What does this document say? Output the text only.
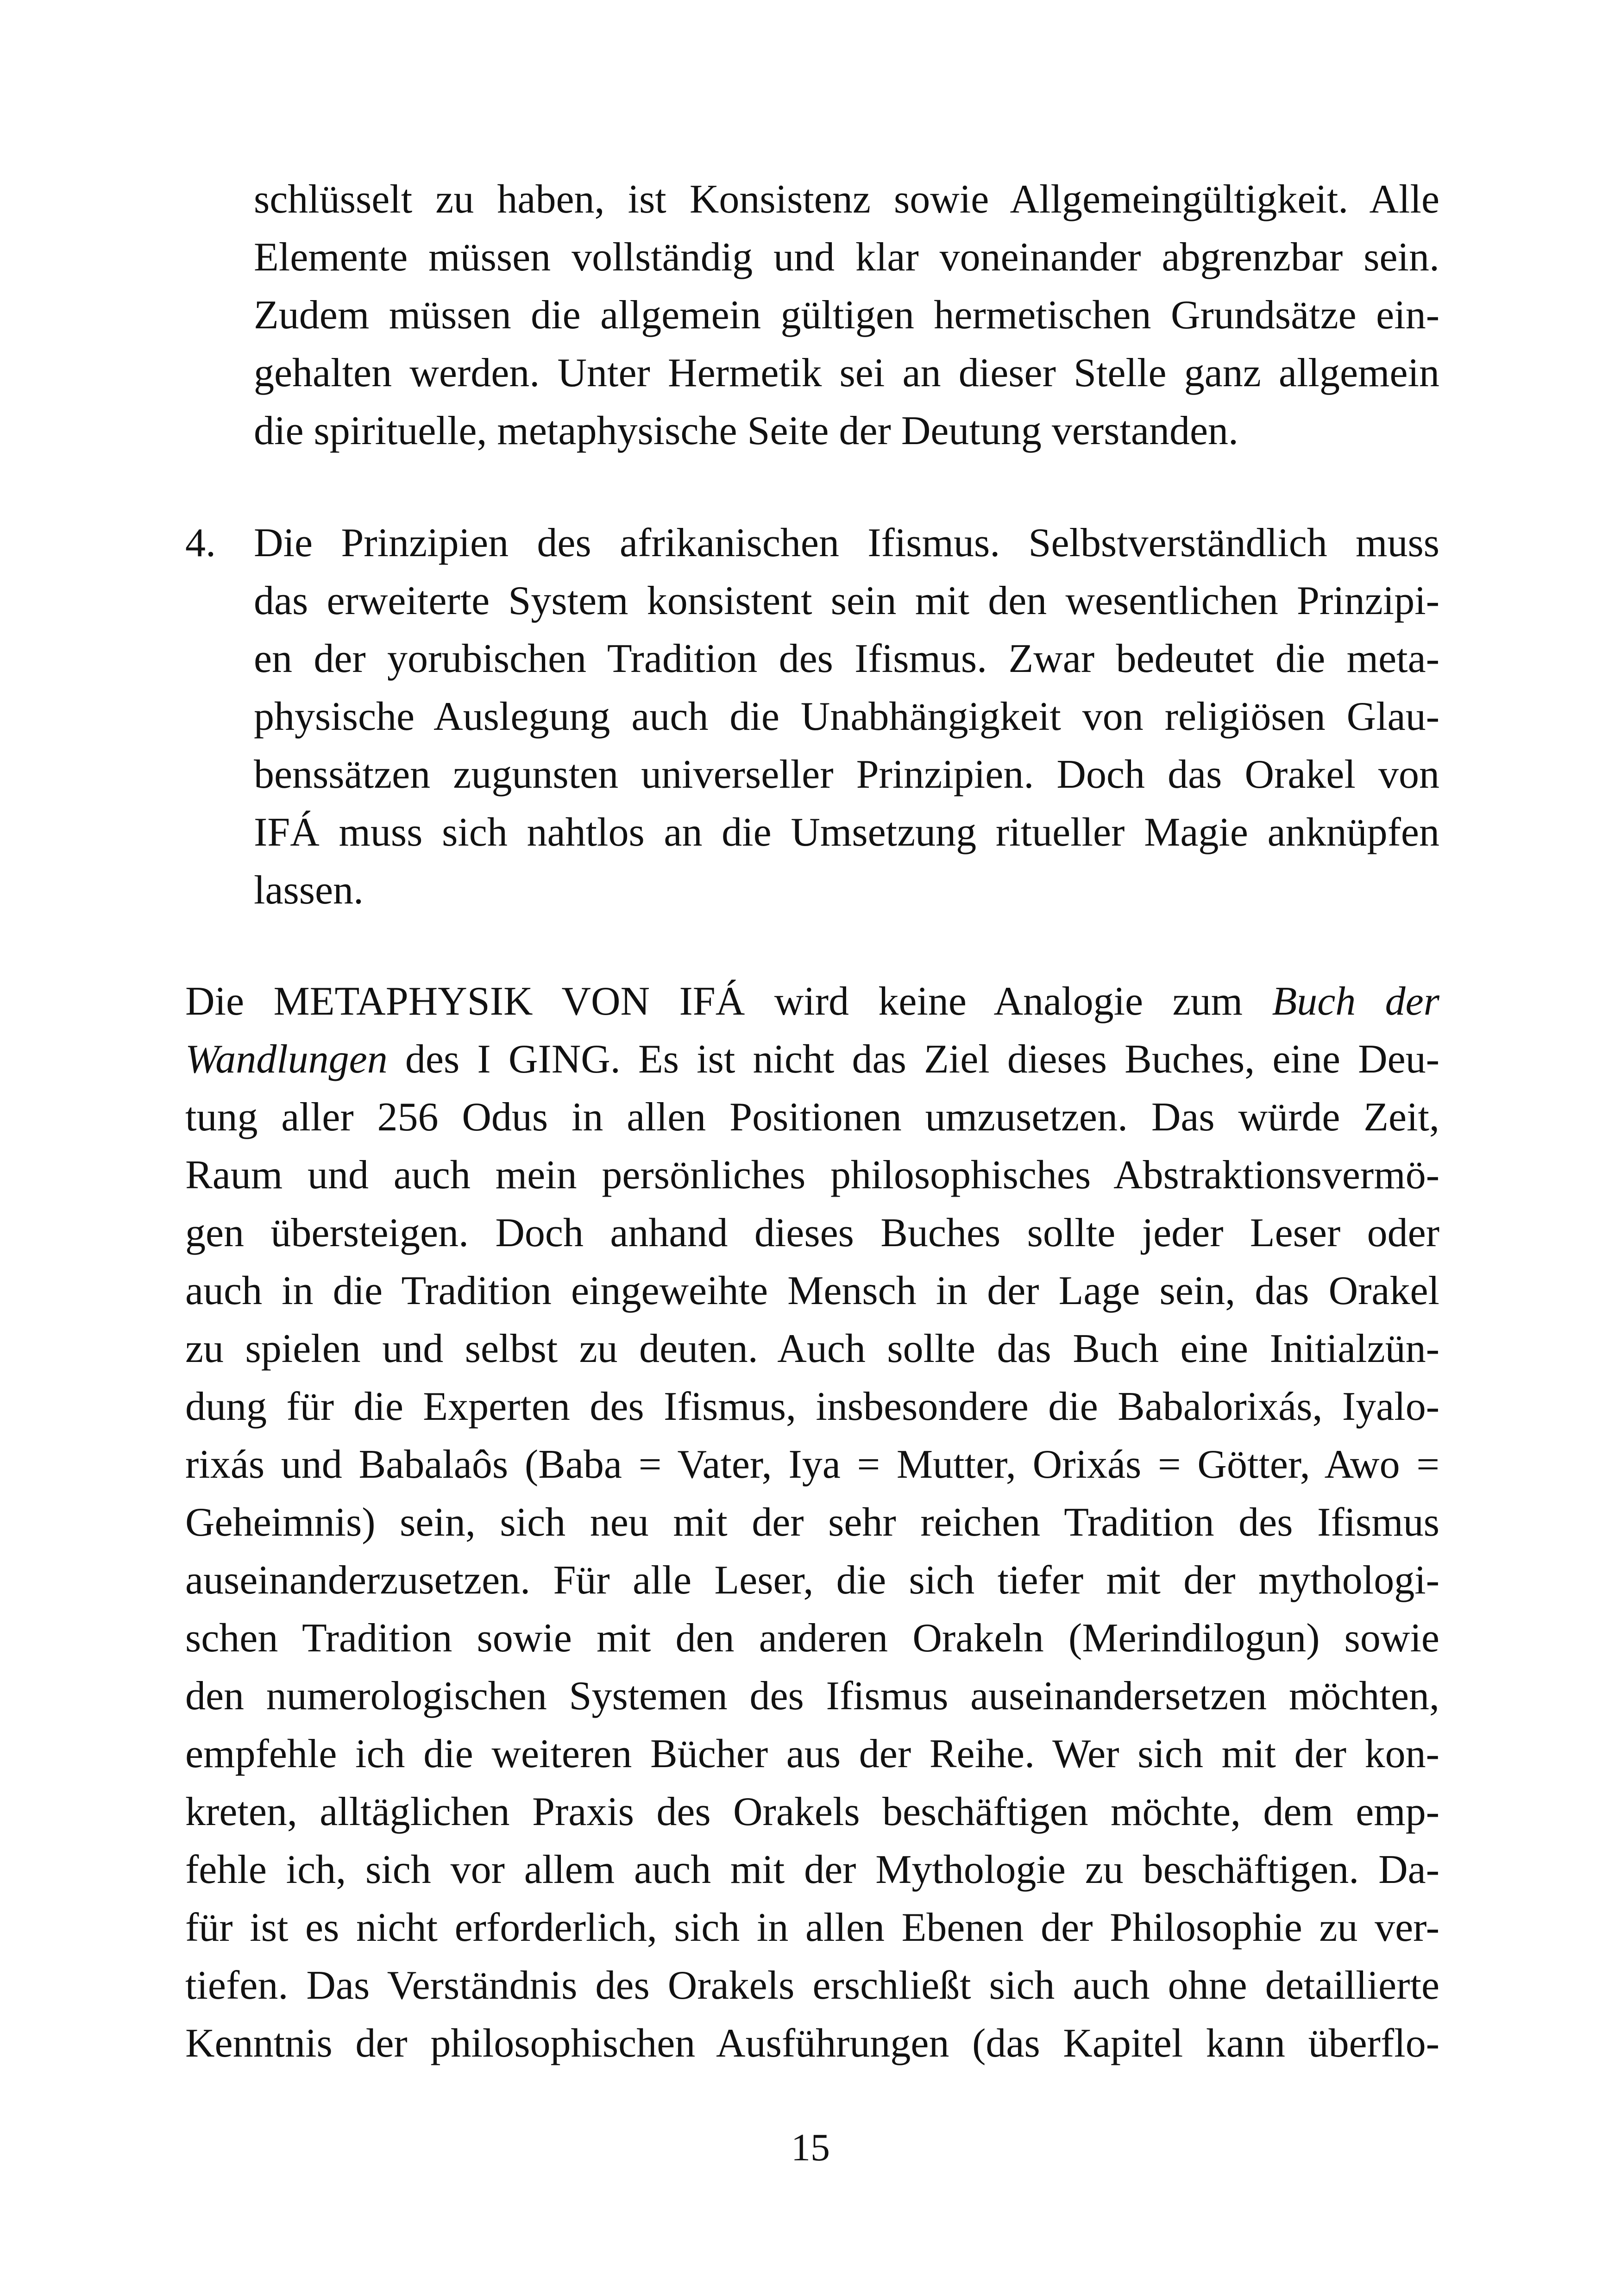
schlüsselt zu haben, ist Konsistenz sowie Allgemeingültigkeit. Alle
Elemente müssen vollständig und klar voneinander abgrenzbar sein.
Zudem müssen die allgemein gültigen hermetischen Grundsätze ein-
gehalten werden. Unter Hermetik sei an dieser Stelle ganz allgemein
die spirituelle, metaphysische Seite der Deutung verstanden.
4. Die Prinzipien des afrikanischen Ifismus. Selbstverständlich muss
das erweiterte System konsistent sein mit den wesentlichen Prinzipi-
en der yorubischen Tradition des Ifismus. Zwar bedeutet die meta-
physische Auslegung auch die Unabhängigkeit von religiösen Glau-
benssätzen zugunsten universeller Prinzipien. Doch das Orakel von
IFÁ muss sich nahtlos an die Umsetzung ritueller Magie anknüpfen
lassen.
Die METAPHYSIK VON IFÁ wird keine Analogie zum Buch der
Wandlungen des I GING. Es ist nicht das Ziel dieses Buches, eine Deu-
tung aller 256 Odus in allen Positionen umzusetzen. Das würde Zeit,
Raum und auch mein persönliches philosophisches Abstraktionsvermö-
gen übersteigen. Doch anhand dieses Buches sollte jeder Leser oder
auch in die Tradition eingeweihte Mensch in der Lage sein, das Orakel
zu spielen und selbst zu deuten. Auch sollte das Buch eine Initialzün-
dung für die Experten des Ifismus, insbesondere die Babalorixás, Iyalo-
rixás und Babalaôs (Baba = Vater, Iya = Mutter, Orixás = Götter, Awo =
Geheimnis) sein, sich neu mit der sehr reichen Tradition des Ifismus
auseinanderzusetzen. Für alle Leser, die sich tiefer mit der mythologi-
schen Tradition sowie mit den anderen Orakeln (Merindilogun) sowie
den numerologischen Systemen des Ifismus auseinandersetzen möchten,
empfehle ich die weiteren Bücher aus der Reihe. Wer sich mit der kon-
kreten, alltäglichen Praxis des Orakels beschäftigen möchte, dem emp-
fehle ich, sich vor allem auch mit der Mythologie zu beschäftigen. Da-
für ist es nicht erforderlich, sich in allen Ebenen der Philosophie zu ver-
tiefen. Das Verständnis des Orakels erschließt sich auch ohne detaillierte
Kenntnis der philosophischen Ausführungen (das Kapitel kann überflo-
15
